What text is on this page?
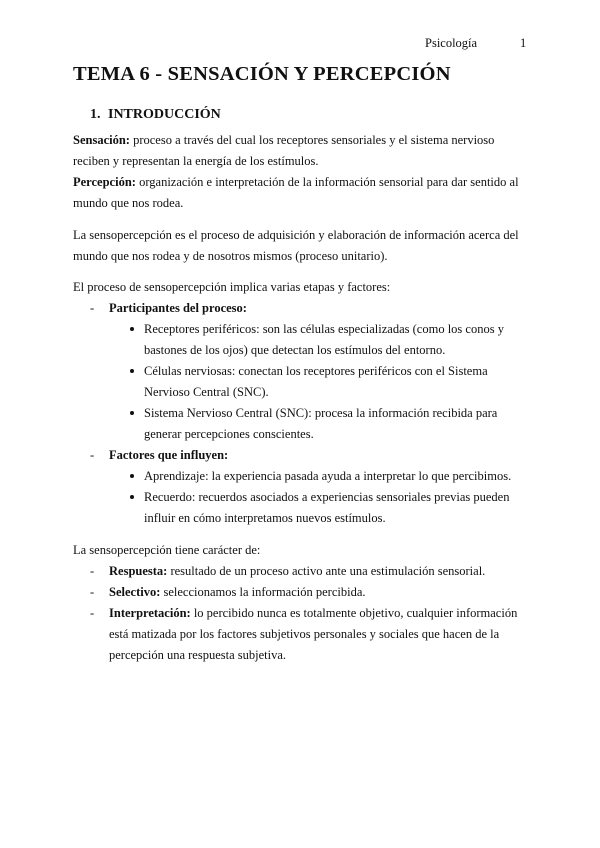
Psicología	1
TEMA 6 - SENSACIÓN Y PERCEPCIÓN
1. INTRODUCCIÓN

Sensación: proceso a través del cual los receptores sensoriales y el sistema nervioso reciben y representan la energía de los estímulos.

Percepción: organización e interpretación de la información sensorial para dar sentido al mundo que nos rodea.

La sensopercepción es el proceso de adquisición y elaboración de información acerca del mundo que nos rodea y de nosotros mismos (proceso unitario).

El proceso de sensopercepción implica varias etapas y factores:

- Participantes del proceso:
Receptores periféricos: son las células especializadas (como los conos y bastones de los ojos) que detectan los estímulos del entorno.
Células nerviosas: conectan los receptores periféricos con el Sistema Nervioso Central (SNC).
Sistema Nervioso Central (SNC): procesa la información recibida para generar percepciones conscientes.
- Factores que influyen:
Aprendizaje: la experiencia pasada ayuda a interpretar lo que percibimos.
Recuerdo: recuerdos asociados a experiencias sensoriales previas pueden influir en cómo interpretamos nuevos estímulos.

La sensopercepción tiene carácter de:

- Respuesta: resultado de un proceso activo ante una estimulación sensorial.
- Selectivo: seleccionamos la información percibida.
- Interpretación: lo percibido nunca es totalmente objetivo, cualquier información está matizada por los factores subjetivos personales y sociales que hacen de la percepción una respuesta subjetiva.
